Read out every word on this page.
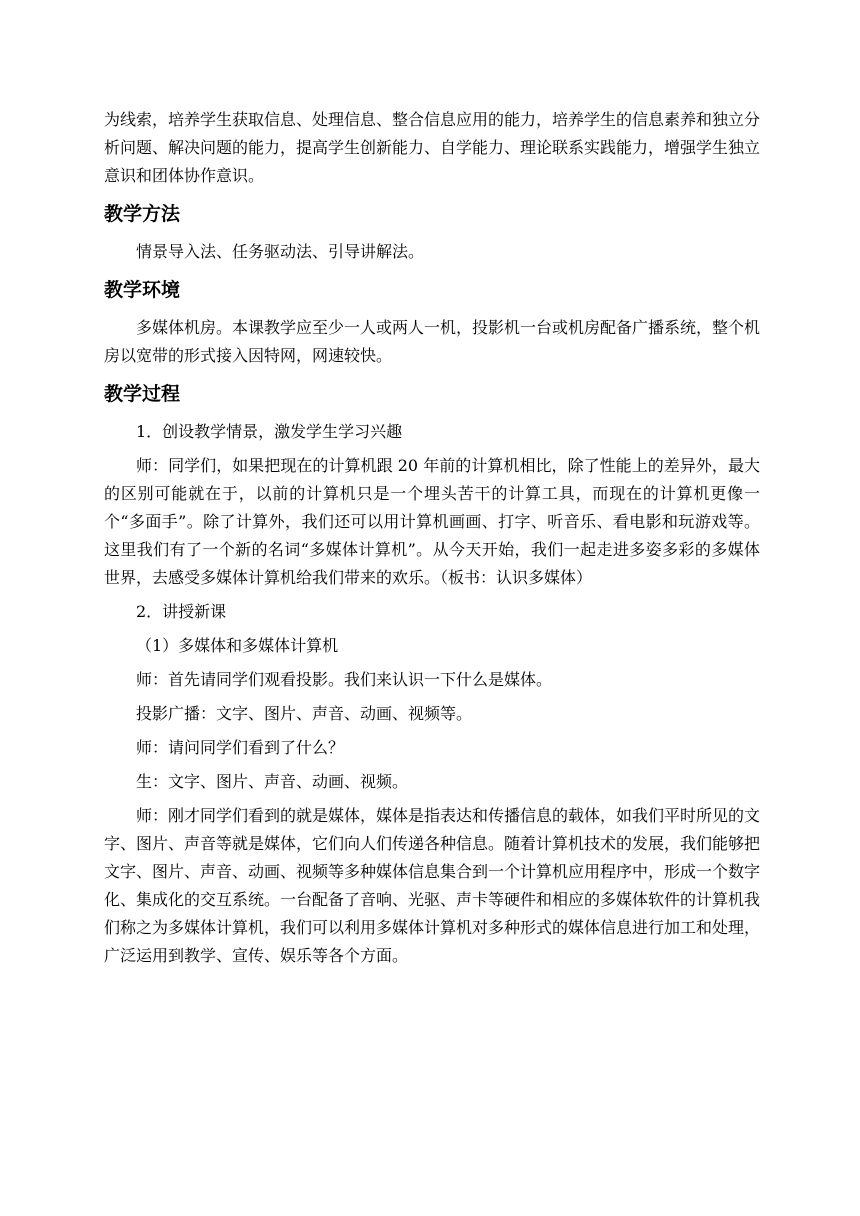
为线索，培养学生获取信息、处理信息、整合信息应用的能力，培养学生的信息素养和独立分析问题、解决问题的能力，提高学生创新能力、自学能力、理论联系实践能力，增强学生独立意识和团体协作意识。

教学方法

情景导入法、任务驱动法、引导讲解法。

教学环境

多媒体机房。本课教学应至少一人或两人一机，投影机一台或机房配备广播系统，整个机房以宽带的形式接入因特网，网速较快。

教学过程

1．创设教学情景，激发学生学习兴趣

师：同学们，如果把现在的计算机跟 20 年前的计算机相比，除了性能上的差异外，最大的区别可能就在于，以前的计算机只是一个埋头苦干的计算工具，而现在的计算机更像一个“多面手”。除了计算外，我们还可以用计算机画画、打字、听音乐、看电影和玩游戏等。这里我们有了一个新的名词“多媒体计算机”。从今天开始，我们一起走进多姿多彩的多媒体世界，去感受多媒体计算机给我们带来的欢乐。（板书：认识多媒体）

2．讲授新课

（1）多媒体和多媒体计算机

师：首先请同学们观看投影。我们来认识一下什么是媒体。

投影广播：文字、图片、声音、动画、视频等。

师：请问同学们看到了什么？

生：文字、图片、声音、动画、视频。

师：刚才同学们看到的就是媒体，媒体是指表达和传播信息的载体，如我们平时所见的文字、图片、声音等就是媒体，它们向人们传递各种信息。随着计算机技术的发展，我们能够把文字、图片、声音、动画、视频等多种媒体信息集合到一个计算机应用程序中，形成一个数字化、集成化的交互系统。一台配备了音响、光驱、声卡等硬件和相应的多媒体软件的计算机我们称之为多媒体计算机，我们可以利用多媒体计算机对多种形式的媒体信息进行加工和处理，广泛运用到教学、宣传、娱乐等各个方面。
